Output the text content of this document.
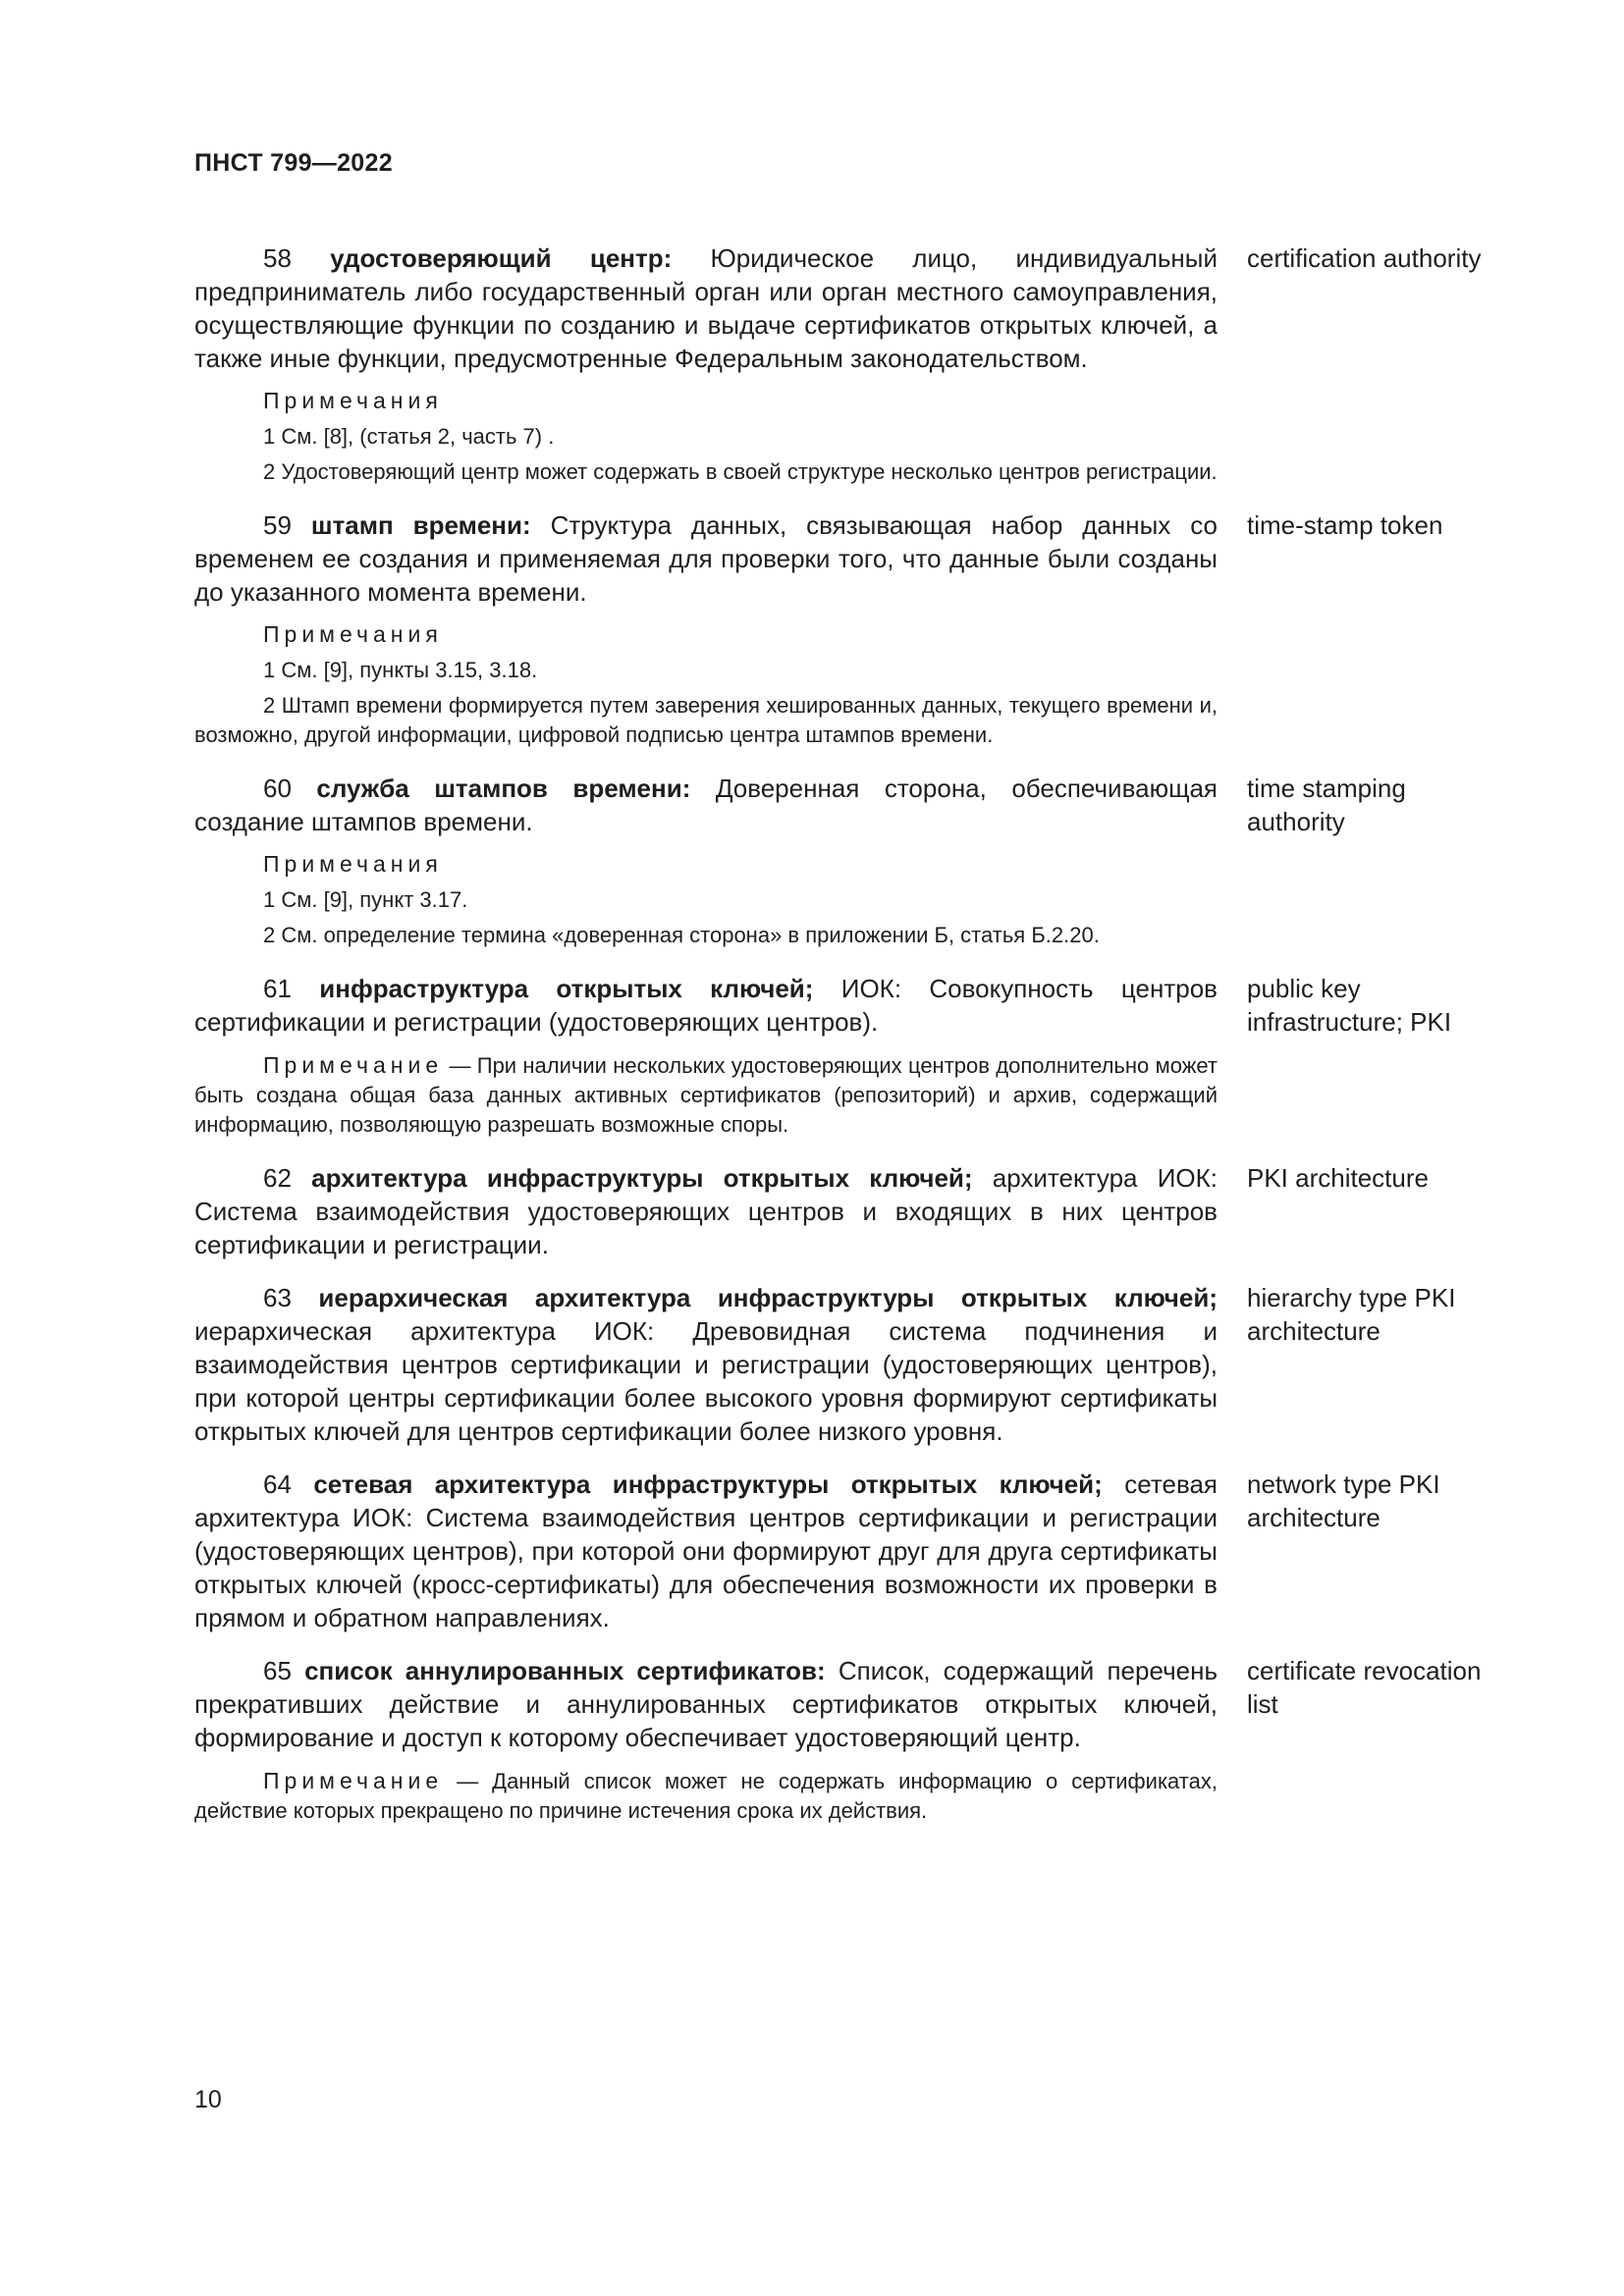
ПНСТ 799—2022

58 удостоверяющий центр: Юридическое лицо, индивидуальный предприниматель либо государственный орган или орган местного самоуправления, осуществляющие функции по созданию и выдаче сертификатов открытых ключей, а также иные функции, предусмотренные Федеральным законодательством.

Примечания

1 См. [8], (статья 2, часть 7) .

2 Удостоверяющий центр может содержать в своей структуре несколько центров регистрации.

certification authority

59 штамп времени: Структура данных, связывающая набор данных со временем ее создания и применяемая для проверки того, что данные были созданы до указанного момента времени.

Примечания

1 См. [9], пункты 3.15, 3.18.

2 Штамп времени формируется путем заверения хешированных данных, текущего времени и, возможно, другой информации, цифровой подписью центра штампов времени.

time-stamp token

60 служба штампов времени: Доверенная сторона, обеспечивающая создание штампов времени.

Примечания

1 См. [9], пункт 3.17.

2 См. определение термина «доверенная сторона» в приложении Б, статья Б.2.20.

time stamping authority

61 инфраструктура открытых ключей; ИОК: Совокупность центров сертификации и регистрации (удостоверяющих центров).

Примечание — При наличии нескольких удостоверяющих центров дополнительно может быть создана общая база данных активных сертификатов (репозиторий) и архив, содержащий информацию, позволяющую разрешать возможные споры.

public key infrastructure; PKI

62 архитектура инфраструктуры открытых ключей; архитектура ИОК: Система взаимодействия удостоверяющих центров и входящих в них центров сертификации и регистрации.

PKI architecture

63 иерархическая архитектура инфраструктуры открытых ключей; иерархическая архитектура ИОК: Древовидная система подчинения и взаимодействия центров сертификации и регистрации (удостоверяющих центров), при которой центры сертификации более высокого уровня формируют сертификаты открытых ключей для центров сертификации более низкого уровня.

hierarchy type PKI architecture

64 сетевая архитектура инфраструктуры открытых ключей; сетевая архитектура ИОК: Система взаимодействия центров сертификации и регистрации (удостоверяющих центров), при которой они формируют друг для друга сертификаты открытых ключей (кросс-сертификаты) для обеспечения возможности их проверки в прямом и обратном направлениях.

network type PKI architecture

65 список аннулированных сертификатов: Список, содержащий перечень прекративших действие и аннулированных сертификатов открытых ключей, формирование и доступ к которому обеспечивает удостоверяющий центр.

Примечание — Данный список может не содержать информацию о сертификатах, действие которых прекращено по причине истечения срока их действия.

certificate revocation list
10
